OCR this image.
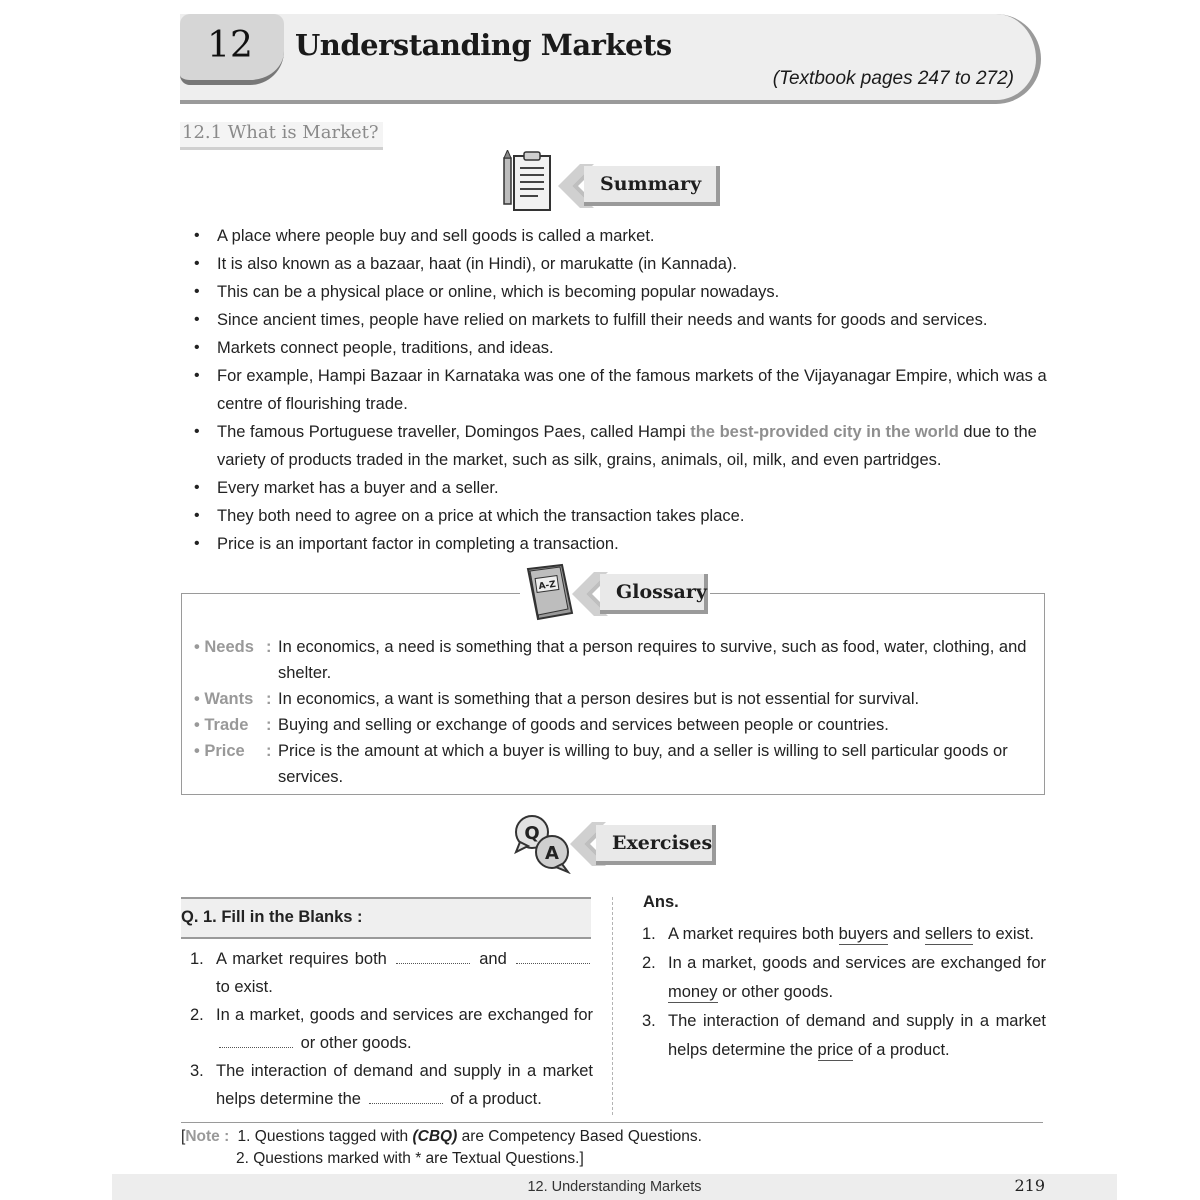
12	Understanding Markets
(Textbook pages 247 to 272)
12.1 What is Market?
Summary
• A place where people buy and sell goods is called a market.
• It is also known as a bazaar, haat (in Hindi), or marukatte (in Kannada).
• This can be a physical place or online, which is becoming popular nowadays.
• Since ancient times, people have relied on markets to fulfill their needs and wants for goods and services.
• Markets connect people, traditions, and ideas.
• For example, Hampi Bazaar in Karnataka was one of the famous markets of the Vijayanagar Empire, which was a centre of flourishing trade.
• The famous Portuguese traveller, Domingos Paes, called Hampi the best-provided city in the world due to the variety of products traded in the market, such as silk, grains, animals, oil, milk, and even partridges.
• Every market has a buyer and a seller.
• They both need to agree on a price at which the transaction takes place.
• Price is an important factor in completing a transaction.
• Needs : In economics, a need is something that a person requires to survive, such as food, water, clothing, and shelter.
• Wants : In economics, a want is something that a person desires but is not essential for survival.
• Trade : Buying and selling or exchange of goods and services between people or countries.
• Price : Price is the amount at which a buyer is willing to buy, and a seller is willing to sell particular goods or services.
A-Z	Glossary
Q
A	Exercises
Q. 1. Fill in the Blanks :
1. A market requires both	and  to exist.
2. In a market, goods and services are exchanged for  or other goods.
3. The interaction of demand and supply in a market helps determine the	of a product.
Ans.
1. A market requires both buyers and sellers to exist.
2. In a market, goods and services are exchanged for money or other goods.
3. The interaction of demand and supply in a market helps determine the price of a product.
[Note : 1. Questions tagged with (CBQ) are Competency Based Questions.
2. Questions marked with * are Textual Questions.]
12. Understanding Markets	219
